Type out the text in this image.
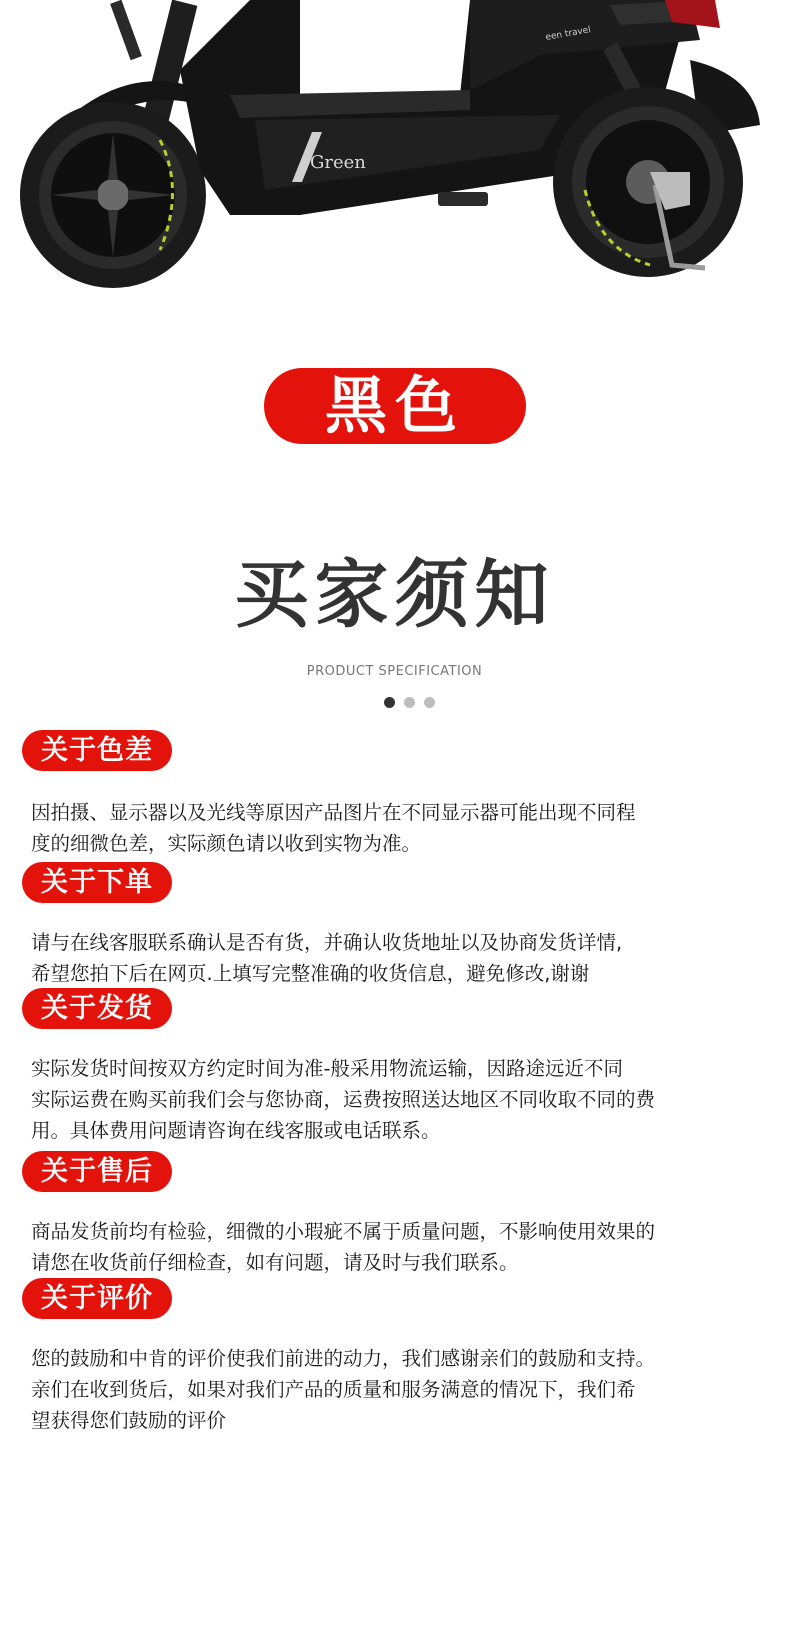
Green
een travel
黑色
买家须知
PRODUCT SPECIFICATION
关于色差

因拍摄、显示器以及光线等原因产品图片在不同显示器可能出现不同程

度的细微色差，实际颜色请以收到实物为准。

关于下单

请与在线客服联系确认是否有货，并确认收货地址以及协商发货详情,

希望您拍下后在网页.上填写完整准确的收货信息，避免修改,谢谢

关于发货

实际发货时间按双方约定时间为准-般采用物流运输，因路途远近不同

实际运费在购买前我们会与您协商，运费按照送达地区不同收取不同的费

用。具体费用问题请咨询在线客服或电话联系。

关于售后

商品发货前均有检验，细微的小瑕疵不属于质量问题，不影响使用效果的

请您在收货前仔细检查，如有问题，请及时与我们联系。

关于评价

您的鼓励和中肯的评价使我们前进的动力，我们感谢亲们的鼓励和支持。

亲们在收到货后，如果对我们产品的质量和服务满意的情况下，我们希

望获得您们鼓励的评价
